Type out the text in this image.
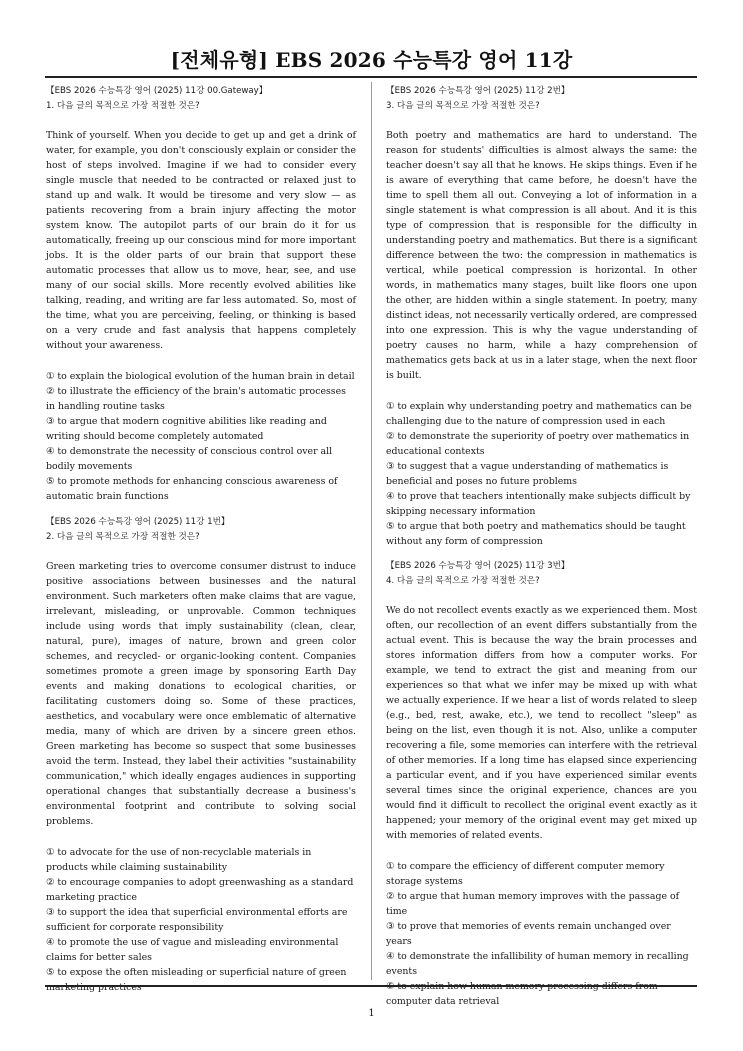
[전체유형] EBS 2026 수능특강 영어 11강
【EBS 2026 수능특강 영어 (2025) 11강 00.Gateway】
1. 다음 글의 목적으로 가장 적절한 것은?
Think of yourself. When you decide to get up and get a drink of water, for example, you don't consciously explain or consider the host of steps involved. Imagine if we had to consider every single muscle that needed to be contracted or relaxed just to stand up and walk. It would be tiresome and very slow — as patients recovering from a brain injury affecting the motor system know. The autopilot parts of our brain do it for us automatically, freeing up our conscious mind for more important jobs. It is the older parts of our brain that support these automatic processes that allow us to move, hear, see, and use many of our social skills. More recently evolved abilities like talking, reading, and writing are far less automated. So, most of the time, what you are perceiving, feeling, or thinking is based on a very crude and fast analysis that happens completely without your awareness.
① to explain the biological evolution of the human brain in detail
② to illustrate the efficiency of the brain's automatic processes in handling routine tasks
③ to argue that modern cognitive abilities like reading and writing should become completely automated
④ to demonstrate the necessity of conscious control over all bodily movements
⑤ to promote methods for enhancing conscious awareness of automatic brain functions
【EBS 2026 수능특강 영어 (2025) 11강 1번】
2. 다음 글의 목적으로 가장 적절한 것은?
Green marketing tries to overcome consumer distrust to induce positive associations between businesses and the natural environment. Such marketers often make claims that are vague, irrelevant, misleading, or unprovable. Common techniques include using words that imply sustainability (clean, clear, natural, pure), images of nature, brown and green color schemes, and recycled- or organic-looking content. Companies sometimes promote a green image by sponsoring Earth Day events and making donations to ecological charities, or facilitating customers doing so. Some of these practices, aesthetics, and vocabulary were once emblematic of alternative media, many of which are driven by a sincere green ethos. Green marketing has become so suspect that some businesses avoid the term. Instead, they label their activities "sustainability communication," which ideally engages audiences in supporting operational changes that substantially decrease a business's environmental footprint and contribute to solving social problems.
① to advocate for the use of non-recyclable materials in products while claiming sustainability
② to encourage companies to adopt greenwashing as a standard marketing practice
③ to support the idea that superficial environmental efforts are sufficient for corporate responsibility
④ to promote the use of vague and misleading environmental claims for better sales
⑤ to expose the often misleading or superficial nature of green marketing practices
【EBS 2026 수능특강 영어 (2025) 11강 2번】
3. 다음 글의 목적으로 가장 적절한 것은?
Both poetry and mathematics are hard to understand. The reason for students' difficulties is almost always the same: the teacher doesn't say all that he knows. He skips things. Even if he is aware of everything that came before, he doesn't have the time to spell them all out. Conveying a lot of information in a single statement is what compression is all about. And it is this type of compression that is responsible for the difficulty in understanding poetry and mathematics. But there is a significant difference between the two: the compression in mathematics is vertical, while poetical compression is horizontal. In other words, in mathematics many stages, built like floors one upon the other, are hidden within a single statement. In poetry, many distinct ideas, not necessarily vertically ordered, are compressed into one expression. This is why the vague understanding of poetry causes no harm, while a hazy comprehension of mathematics gets back at us in a later stage, when the next floor is built.
① to explain why understanding poetry and mathematics can be challenging due to the nature of compression used in each
② to demonstrate the superiority of poetry over mathematics in educational contexts
③ to suggest that a vague understanding of mathematics is beneficial and poses no future problems
④ to prove that teachers intentionally make subjects difficult by skipping necessary information
⑤ to argue that both poetry and mathematics should be taught without any form of compression
【EBS 2026 수능특강 영어 (2025) 11강 3번】
4. 다음 글의 목적으로 가장 적절한 것은?
We do not recollect events exactly as we experienced them. Most often, our recollection of an event differs substantially from the actual event. This is because the way the brain processes and stores information differs from how a computer works. For example, we tend to extract the gist and meaning from our experiences so that what we infer may be mixed up with what we actually experience. If we hear a list of words related to sleep (e.g., bed, rest, awake, etc.), we tend to recollect "sleep" as being on the list, even though it is not. Also, unlike a computer recovering a file, some memories can interfere with the retrieval of other memories. If a long time has elapsed since experiencing a particular event, and if you have experienced similar events several times since the original experience, chances are you would find it difficult to recollect the original event exactly as it happened; your memory of the original event may get mixed up with memories of related events.
① to compare the efficiency of different computer memory storage systems
② to argue that human memory improves with the passage of time
③ to prove that memories of events remain unchanged over years
④ to demonstrate the infallibility of human memory in recalling events
⑤ to explain how human memory processing differs from computer data retrieval
1
